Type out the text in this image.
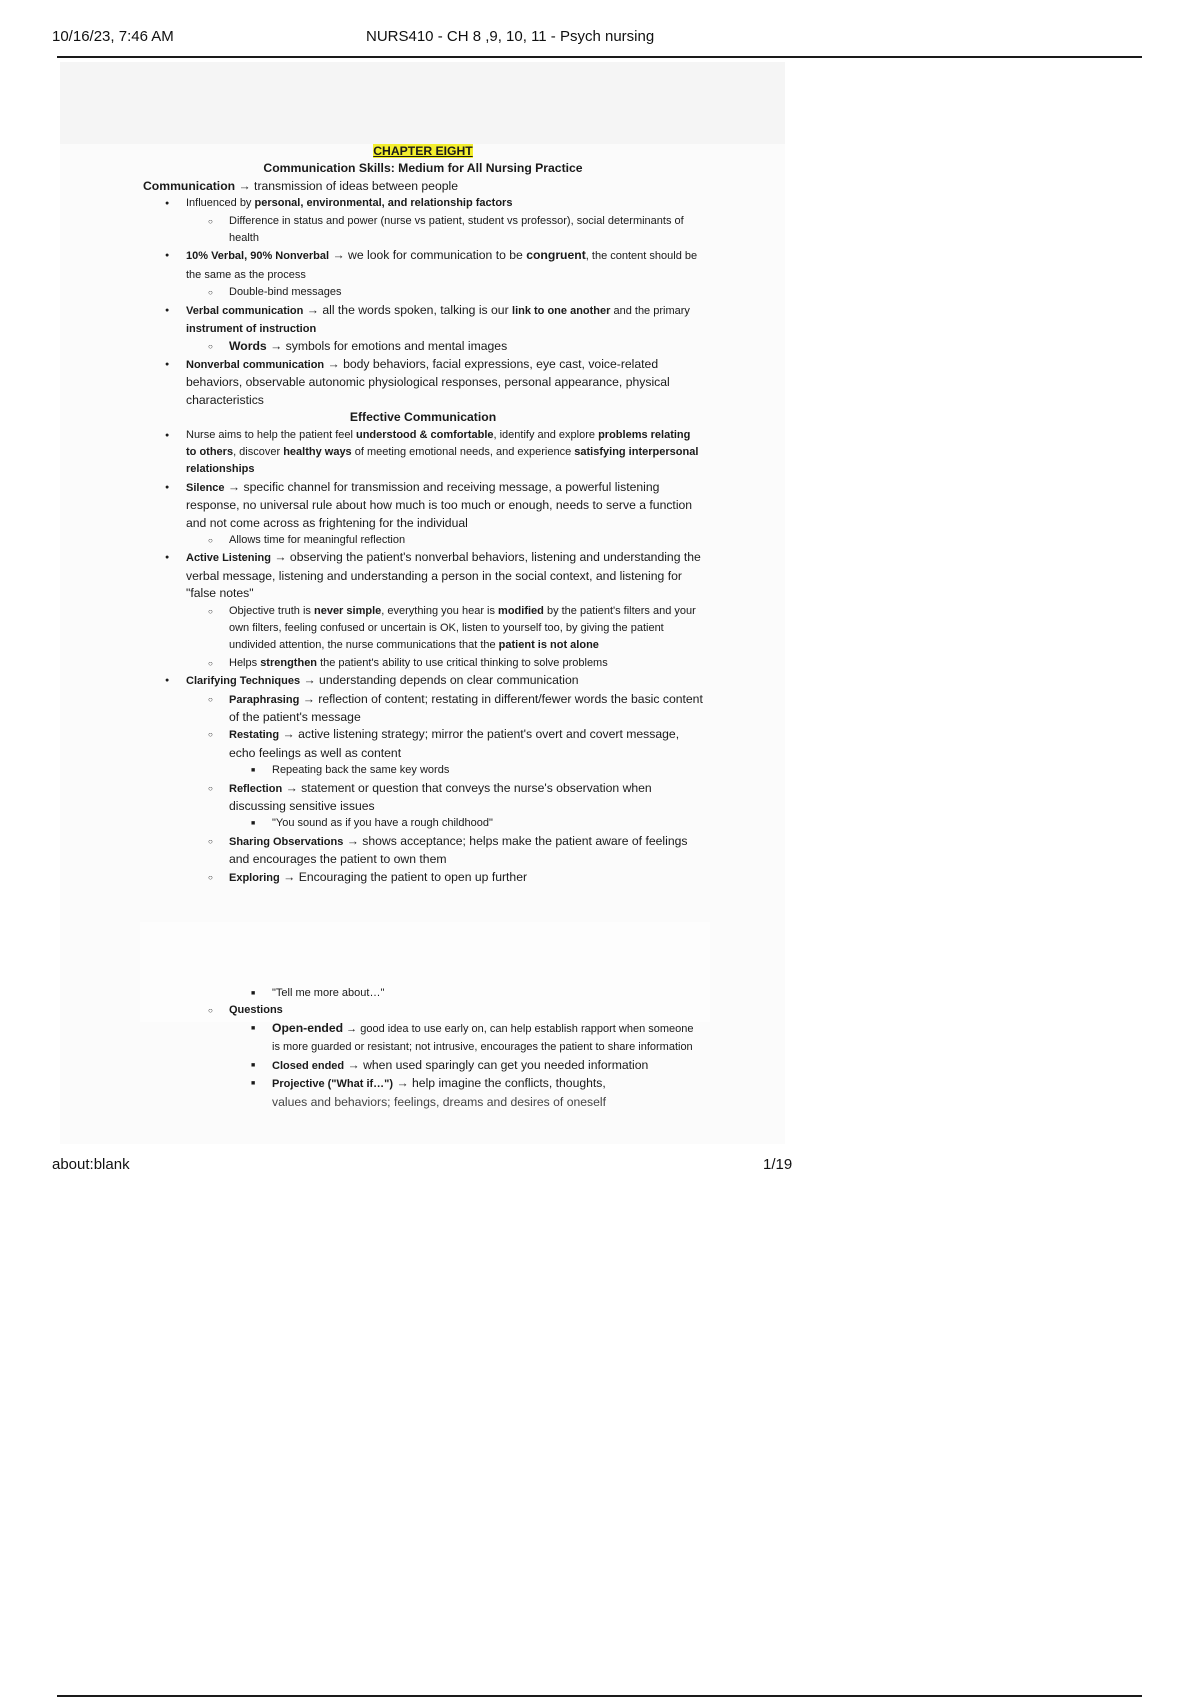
10/16/23, 7:46 AM	NURS410 - CH 8 ,9, 10, 11 - Psych nursing

CHAPTER EIGHT

Communication Skills: Medium for All Nursing Practice

Communication → transmission of ideas between people

● Influenced by personal, environmental, and relationship factors
○ Difference in status and power (nurse vs patient, student vs professor), social determinants of health
● 10% Verbal, 90% Nonverbal → we look for communication to be congruent, the content should be the same as the process
○ Double-bind messages
● Verbal communication → all the words spoken, talking is our link to one another and the primary instrument of instruction
○ Words → symbols for emotions and mental images
● Nonverbal communication → body behaviors, facial expressions, eye cast, voice-related behaviors, observable autonomic physiological responses, personal appearance, physical characteristics

Effective Communication

● Nurse aims to help the patient feel understood & comfortable, identify and explore problems relating to others, discover healthy ways of meeting emotional needs, and experience satisfying interpersonal relationships
● Silence → specific channel for transmission and receiving message, a powerful listening response, no universal rule about how much is too much or enough, needs to serve a function and not come across as frightening for the individual
○ Allows time for meaningful reflection
● Active Listening → observing the patient's nonverbal behaviors, listening and understanding the verbal message, listening and understanding a person in the social context, and listening for "false notes"
○ Objective truth is never simple, everything you hear is modified by the patient's filters and your own filters, feeling confused or uncertain is OK, listen to yourself too, by giving the patient undivided attention, the nurse communications that the patient is not alone
○ Helps strengthen the patient's ability to use critical thinking to solve problems
● Clarifying Techniques → understanding depends on clear communication
○ Paraphrasing → reflection of content; restating in different/fewer words the basic content of the patient's message
○ Restating → active listening strategy; mirror the patient's overt and covert message, echo feelings as well as content
■ Repeating back the same key words
○ Reflection → statement or question that conveys the nurse's observation when discussing sensitive issues
■ "You sound as if you have a rough childhood"
○ Sharing Observations → shows acceptance; helps make the patient aware of feelings and encourages the patient to own them
○ Exploring → Encouraging the patient to open up further
■ "Tell me more about…"
○ Questions
■ Open-ended → good idea to use early on, can help establish rapport when someone is more guarded or resistant; not intrusive, encourages the patient to share information
■ Closed ended → when used sparingly can get you needed information
■ Projective ("What if…") → help imagine the conflicts, thoughts,
about:blank	1/19
